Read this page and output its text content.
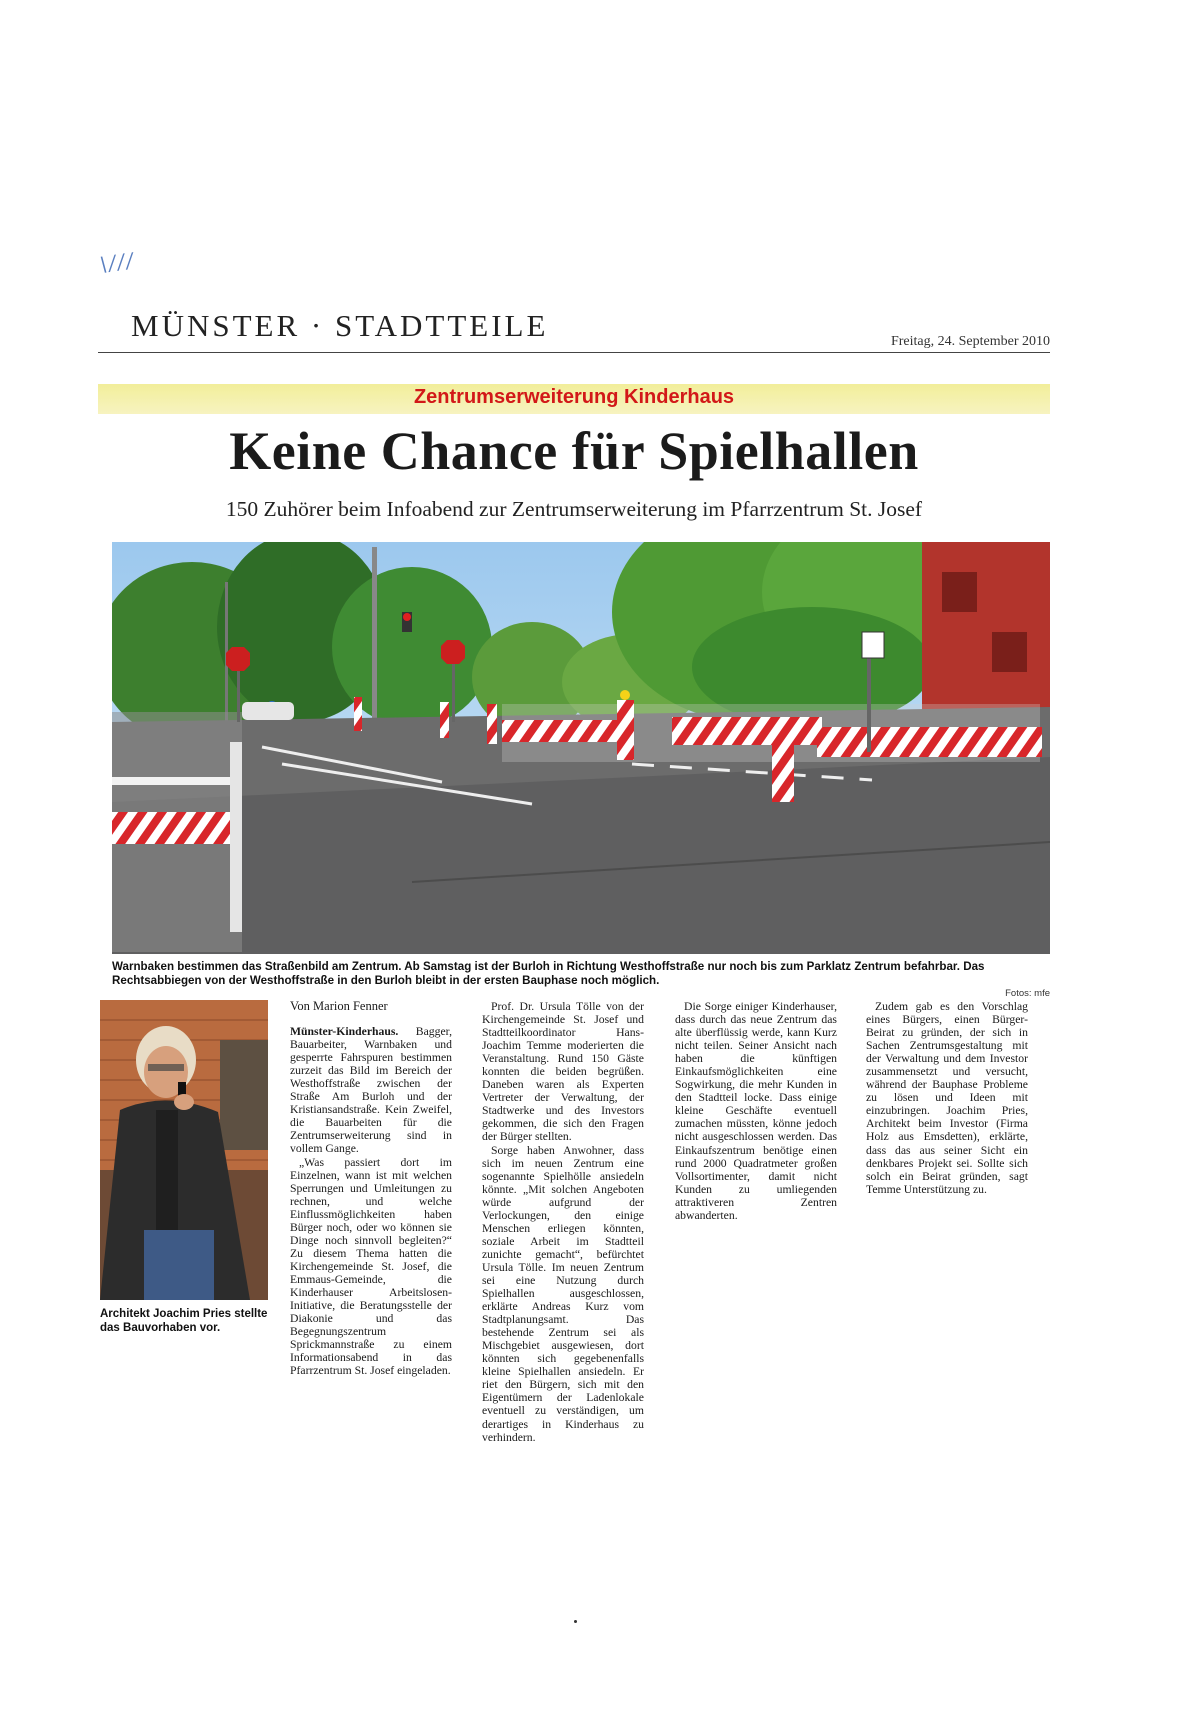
\///
MÜNSTER · STADTTEILE	Freitag, 24. September 2010
Zentrumserweiterung Kinderhaus
Keine Chance für Spielhallen
150 Zuhörer beim Infoabend zur Zentrumserweiterung im Pfarrzentrum St. Josef
Warnbaken bestimmen das Straßenbild am Zentrum. Ab Samstag ist der Burloh in Richtung Westhoffstraße nur noch bis zum Parklatz Zentrum befahrbar. Das Rechtsabbiegen von der Westhoffstraße in den Burloh bleibt in der ersten Bauphase noch möglich.
Fotos: mfe
Architekt Joachim Pries stellte das Bauvorhaben vor.
Von Marion Fenner

Münster-Kinderhaus. Bagger, Bauarbeiter, Warnbaken und gesperrte Fahrspuren bestimmen zurzeit das Bild im Bereich der Westhoffstraße zwischen der Straße Am Burloh und der Kristiansandstraße. Kein Zweifel, die Bauarbeiten für die Zentrumserweiterung sind in vollem Gange.

„Was passiert dort im Einzelnen, wann ist mit welchen Sperrungen und Umleitungen zu rechnen, und welche Einflussmöglichkeiten haben Bürger noch, oder wo können sie Dinge noch sinnvoll begleiten?“ Zu diesem Thema hatten die Kirchengemeinde St. Josef, die Emmaus-Gemeinde, die Kinderhauser Arbeitslosen-Initiative, die Beratungsstelle der Diakonie und das Begegnungszentrum Sprickmannstraße zu einem Informationsabend in das Pfarrzentrum St. Josef eingeladen.

Prof. Dr. Ursula Tölle von der Kirchengemeinde St. Josef und Stadtteilkoordinator Hans-Joachim Temme moderierten die Veranstaltung. Rund 150 Gäste konnten die beiden begrüßen. Daneben waren als Experten Vertreter der Verwaltung, der Stadtwerke und des Investors gekommen, die sich den Fragen der Bürger stellten.

Sorge haben Anwohner, dass sich im neuen Zentrum eine sogenannte Spielhölle ansiedeln könnte. „Mit solchen Angeboten würde aufgrund der Verlockungen, den einige Menschen erliegen könnten, soziale Arbeit im Stadtteil zunichte gemacht“, befürchtet Ursula Tölle. Im neuen Zentrum sei eine Nutzung durch Spielhallen ausgeschlossen, erklärte Andreas Kurz vom Stadtplanungsamt. Das bestehende Zentrum sei als Mischgebiet ausgewiesen, dort könnten sich gegebenenfalls kleine Spielhallen ansiedeln. Er riet den Bürgern, sich mit den Eigentümern der Ladenlokale eventuell zu verständigen, um derartiges in Kinderhaus zu verhindern.

Die Sorge einiger Kinderhauser, dass durch das neue Zentrum das alte überflüssig werde, kann Kurz nicht teilen. Seiner Ansicht nach haben die künftigen Einkaufsmöglichkeiten eine Sogwirkung, die mehr Kunden in den Stadtteil locke. Dass einige kleine Geschäfte eventuell zumachen müssten, könne jedoch nicht ausgeschlossen werden. Das Einkaufszentrum benötige einen rund 2000 Quadratmeter großen Vollsortimenter, damit nicht Kunden zu umliegenden attraktiveren Zentren abwanderten.

Zudem gab es den Vorschlag eines Bürgers, einen Bürger-Beirat zu gründen, der sich in Sachen Zentrumsgestaltung mit der Verwaltung und dem Investor zusammensetzt und versucht, während der Bauphase Probleme zu lösen und Ideen mit einzubringen. Joachim Pries, Architekt beim Investor (Firma Holz aus Emsdetten), erklärte, dass das aus seiner Sicht ein denkbares Projekt sei. Sollte sich solch ein Beirat gründen, sagt Temme Unterstützung zu.
